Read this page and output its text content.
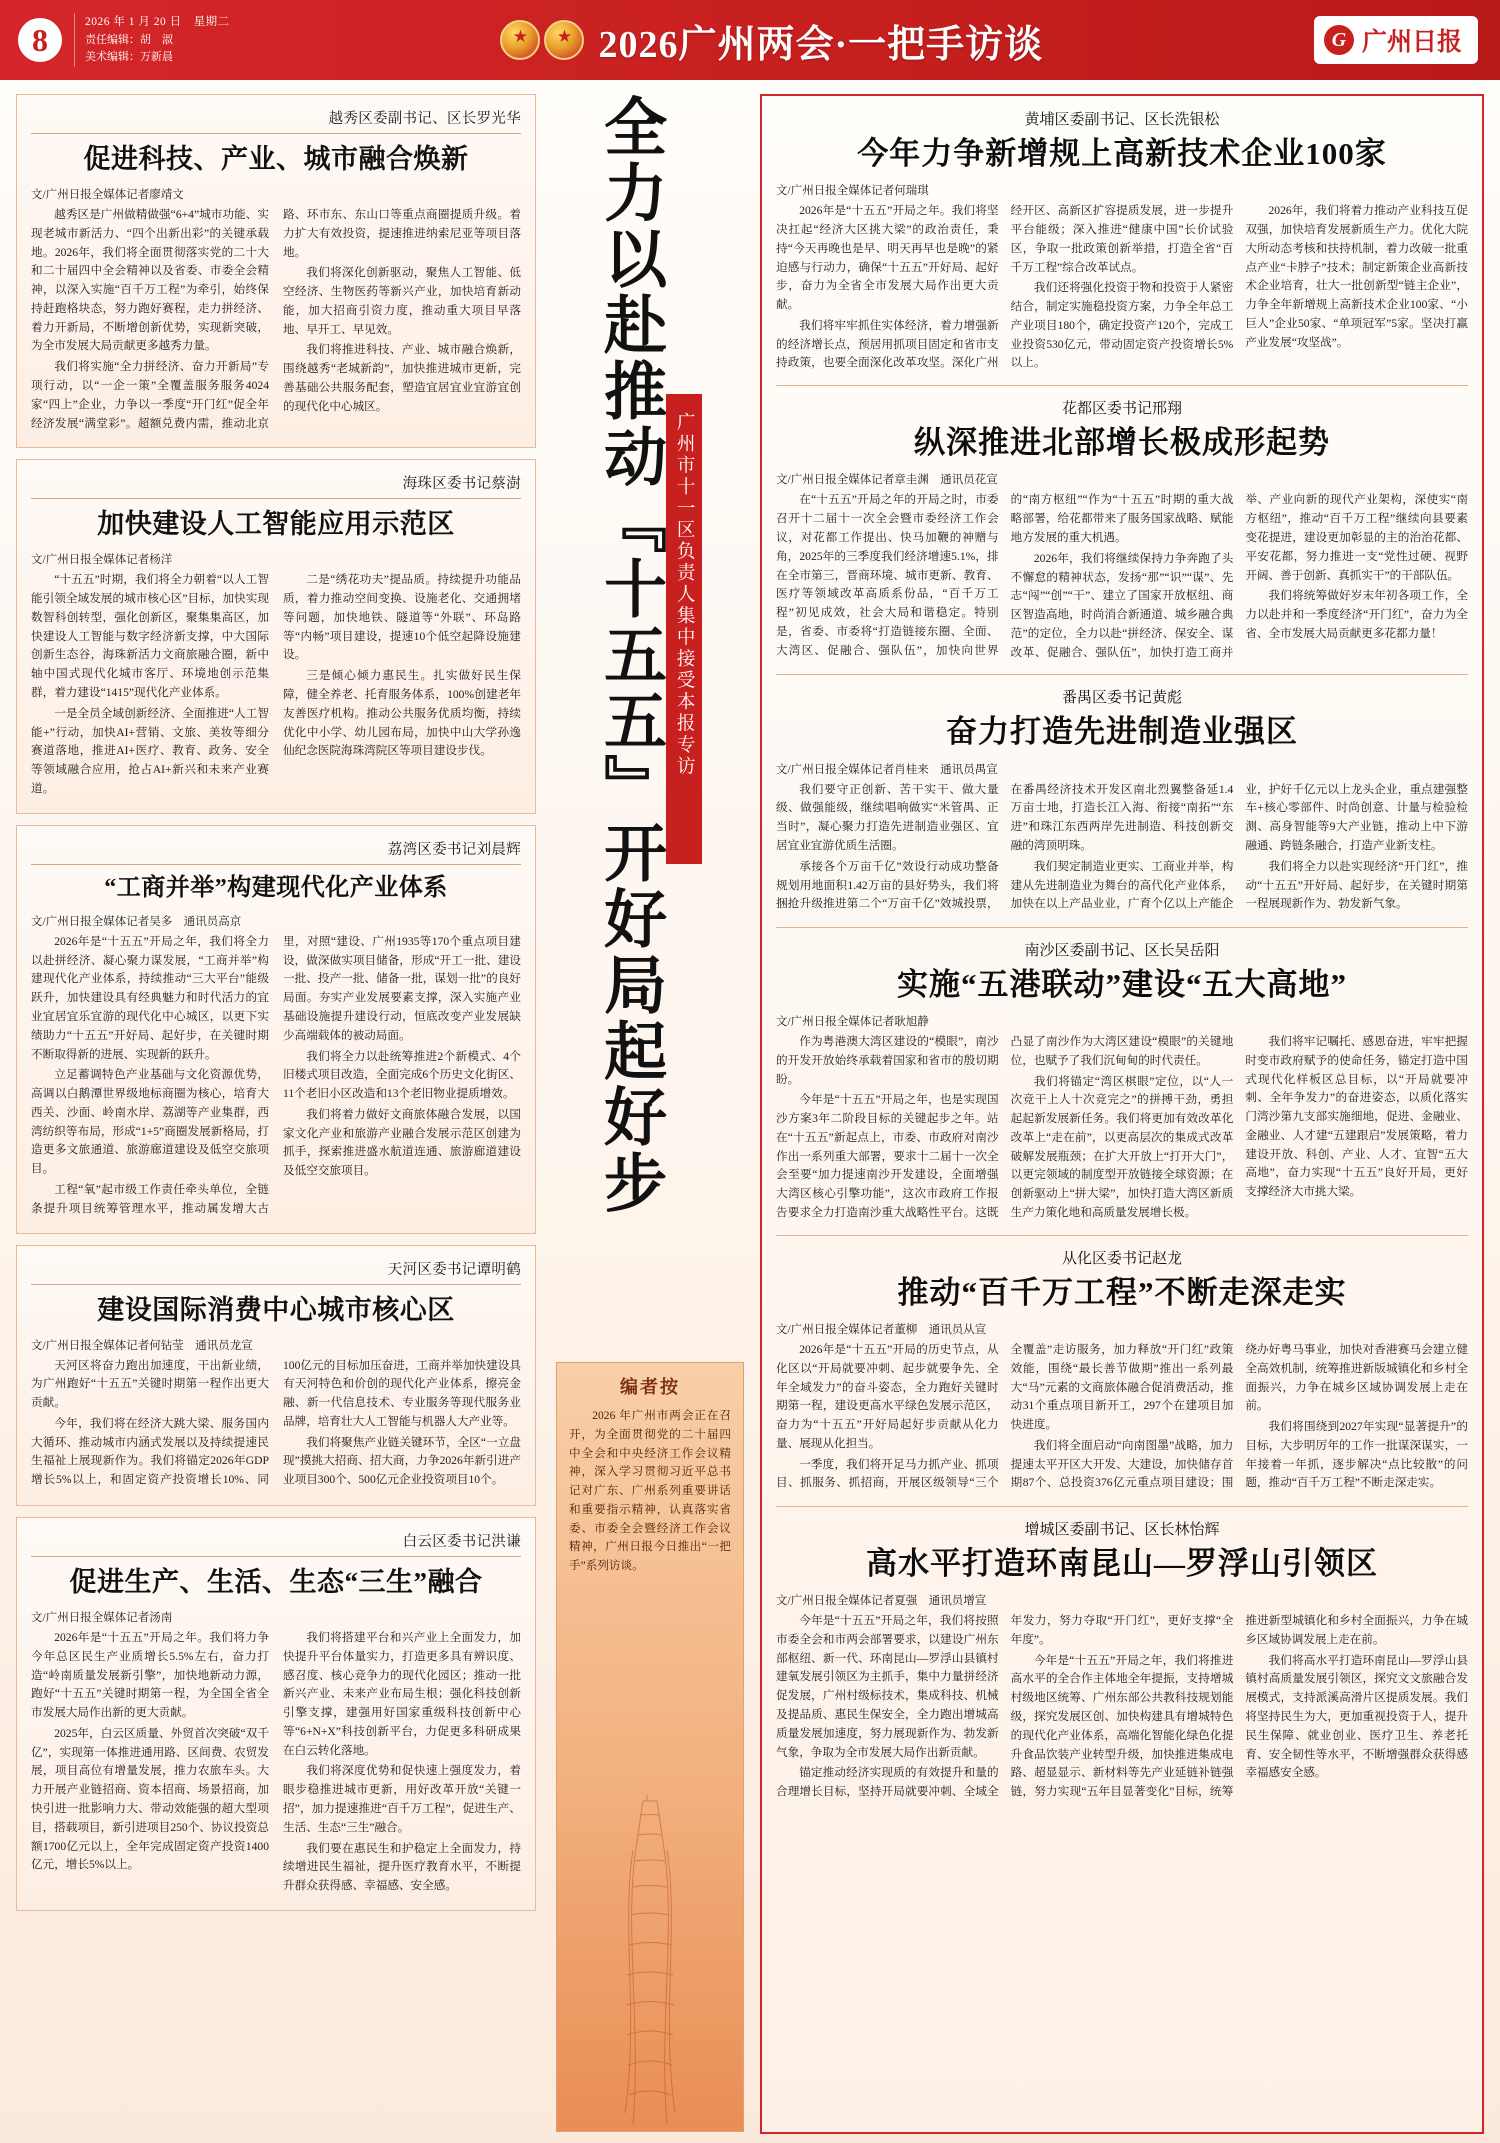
8	2026 年 1 月 20 日　星期二
责任编辑：胡　淑
美术编辑：万新晨 ★ ★	2026广州两会·一把手访谈	G 广州日报
越秀区委副书记、区长罗光华
促进科技、产业、城市融合焕新
文/广州日报全媒体记者廖靖文

越秀区是广州做精做强“6+4”城市功能、实现老城市新活力、“四个出新出彩”的关键承载地。2026年，我们将全面贯彻落实党的二十大和二十届四中全会精神以及省委、市委全会精神，以深入实施“百千万工程”为牵引，始终保持赶跑格块态，努力跑好赛程，走力拼经济、着力开新局，不断增创新优势，实现新突破，为全市发展大局贡献更多越秀力量。

我们将实施“全力拼经济、奋力开新局”专项行动，以“一企一策”全覆盖服务服务4024家“四上”企业，力争以一季度“开门红”促全年经济发展“满堂彩”。超额兑费内需，推动北京路、环市东、东山口等重点商圈提质升级。着力扩大有效投资，提速推进纳索尼亚等项目落地。

我们将深化创新驱动，聚焦人工智能、低空经济、生物医药等新兴产业，加快培育新动能，加大招商引资力度，推动重大项目早落地、早开工、早见效。

我们将推进科技、产业、城市融合焕新，围绕越秀“老城新韵”，加快推进城市更新，完善基础公共服务配套，塑造宜居宜业宜游宜创的现代化中心城区。

海珠区委书记蔡澍
加快建设人工智能应用示范区
文/广州日报全媒体记者杨洋

“十五五”时期，我们将全力朝着“以人工智能引领全域发展的城市核心区”目标，加快实现数智科创转型，强化创新区，聚集集高区，加快建设人工智能与数字经济新支撑，中大国际创新生态谷，海珠新活力文商旅融合圈，新中轴中国式现代化城市客厅、环境地创示范集群，着力建设“1415”现代化产业体系。

一是全员全域创新经济、全面推进“人工智能+”行动，加快AI+营销、文旅、美妆等细分赛道落地，推进AI+医疗、教育、政务、安全等领域融合应用，抢占AI+新兴和未来产业赛道。

二是“绣花功夫”提品质。持续提升功能品质，着力推动空间变换、设施老化、交通拥堵等问题，加快地铁、隧道等“外联”、环岛路等“内畅”项目建设，提速10个低空起降设施建设。

三是倾心倾力惠民生。扎实做好民生保障，健全养老、托育服务体系，100%创建老年友善医疗机构。推动公共服务优质均衡，持续优化中小学、幼儿园布局，加快中山大学孙逸仙纪念医院海珠湾院区等项目建设步伐。

荔湾区委书记刘晨辉
“工商并举”构建现代化产业体系
文/广州日报全媒体记者吴多　通讯员高京

2026年是“十五五”开局之年，我们将全力以赴拼经济、凝心聚力谋发展，“工商并举”构建现代化产业体系，持续推动“三大平台”能级跃升，加快建设具有经典魅力和时代活力的宜业宜居宜乐宜游的现代化中心城区，以更下实绩助力“十五五”开好局、起好步，在关键时期不断取得新的进展、实现新的跃升。

立足蓄调特色产业基础与文化资源优势，高调以白鹅潭世界级地标商圈为核心，培育大西关、沙面、岭南水岸、荔湖等产业集群，西湾纺织等布局，形成“1+5”商圈发展新格局，打造更多文旅通道、旅游廊道建设及低空交旅项目。

工程“氧”起市级工作责任牵头单位，全链条提升项目统筹管理水平，推动属发增大古里，对照“建设、广州1935等170个重点项目建设，做深做实项目储备，形成“开工一批、建设一批、投产一批、储备一批，谋划一批”的良好局面。夯实产业发展要素支撑，深入实施产业基础设施提升建设行动，恒底改变产业发展缺少高端载体的被动局面。

我们将全力以赴统筹推进2个新模式、4个旧楼式项目改造，全面完成6个历史文化街区、11个老旧小区改造和13个老旧物业提质增效。

我们将着力做好文商旅体融合发展，以国家文化产业和旅游产业融合发展示范区创建为抓手，探索推进盛水航道连通、旅游廊道建设及低空交旅项目。

天河区委书记谭明鹤
建设国际消费中心城市核心区
文/广州日报全媒体记者何钻莹　通讯员龙宣

天河区将奋力跑出加速度，干出新业绩，为广州跑好“十五五”关键时期第一程作出更大贡献。

今年，我们将在经济大跳大梁、服务国内大循环、推动城市内涵式发展以及持续提速民生福祉上展现新作为。我们将锚定2026年GDP增长5%以上，和固定资产投资增长10%、同100亿元的目标加压奋进，工商并举加快建设具有天河特色和价创的现代化产业体系，擦亮金融、新一代信息技术、专业服务等现代服务业品牌，培育壮大人工智能与机器人大产业等。

我们将聚焦产业链关键环节，全区“一立盘现”摸挑大招商、招大商，力争2026年新引进产业项目300个、500亿元企业投资项目10个。

白云区委书记洪谦
促进生产、生活、生态“三生”融合
文/广州日报全媒体记者汤南

2026年是“十五五”开局之年。我们将力争今年总区民生产业质增长5.5%左右，奋力打造“岭南质量发展新引擎”，加快地新动力源，跑好“十五五”关键时期第一程，为全国全省全市发展大局作出新的更大贡献。

2025年，白云区质量、外贸首次突破“双千亿”，实现第一体推进通用路、区间费、农贸发展，项目高位有增量发展，推力农旅车头。大力开展产业链招商、资本招商、场景招商，加快引进一批影响力大、带动效能强的超大型项目，搭载项目，新引进项目250个、协议投资总额1700亿元以上，全年完成固定资产投资1400亿元，增长5%以上。

我们将搭建平台和兴产业上全面发力，加快提升平台体量实力，打造更多具有辨识度、感召度、核心竞争力的现代化园区；推动一批新兴产业、未来产业布局生根；强化科技创新引擎支撑，建强用好国家重级科技创新中心等“6+N+X”科技创新平台，力促更多科研成果在白云转化落地。

我们将深度优势和促快速上强度发力，着眼步稳推进城市更新，用好改革开放“关键一招”，加力提速推进“百千万工程”，促进生产、生活、生态“三生”融合。

我们要在惠民生和护稳定上全面发力，持续增进民生福祉，提升医疗教育水平，不断提升群众获得感、幸福感、安全感。

全力以赴推动『十五五』开好局起好步 广州市十一区负责人集中接受本报专访
编者按

2026 年广州市两会正在召开，为全面贯彻党的二十届四中全会和中央经济工作会议精神，深入学习贯彻习近平总书记对广东、广州系列重要讲话和重要指示精神，认真落实省委、市委全会暨经济工作会议精神，广州日报今日推出“一把手”系列访谈。

黄埔区委副书记、区长洗银松
今年力争新增规上高新技术企业100家
文/广州日报全媒体记者何瑞琪

2026年是“十五五”开局之年。我们将坚决扛起“经济大区挑大梁”的政治责任，秉持“今天再晚也是早、明天再早也是晚”的紧迫感与行动力，确保“十五五”开好局、起好步，奋力为全省全市发展大局作出更大贡献。

我们将牢牢抓住实体经济，着力增强新的经济增长点，预居用抓项目固定和省市支持政策，也要全面深化改革攻坚。深化广州经开区、高新区扩容提质发展，进一步提升平台能级；深入推进“健康中国”长价试验区，争取一批政策创新举措，打造全省“百千万工程”综合改革试点。

我们还将强化投资于物和投资于人紧密结合，制定实施稳投资方案，力争全年总工产业项目180个，确定投资产120个，完成工业投资530亿元，带动固定资产投资增长5%以上。

2026年，我们将着力推动产业科技互促双强，加快培育发展新质生产力。优化大院大所动态考核和扶持机制，着力改破一批重点产业“卡脖子”技术；制定新策企业高新技术企业培育，壮大一批创新型“链主企业”，力争全年新增规上高新技术企业100家、“小巨人”企业50家、“单项冠军”5家。坚决打赢产业发展“攻坚战”。

花都区委书记邢翔
纵深推进北部增长极成形起势
文/广州日报全媒体记者章圭渊　通讯员花宣

在“十五五”开局之年的开局之时，市委召开十二届十一次全会暨市委经济工作会议，对花都工作提出、快马加鞭的神赠与角，2025年的三季度我们经济增速5.1%，排在全市第三，晋商环境、城市更新、教育、医疗等领域改革高质系份品，“百千万工程”初见成效，社会大局和谐稳定。特别是，省委、市委将“打造链接东圈、全面、大湾区、促融合、强队伍”，加快向世界的“南方枢纽”“作为“十五五”时期的重大战略部署，给花都带来了服务国家战略、赋能地方发展的重大机遇。

2026年，我们将继续保持力争奔跑了头不懈怠的精神状态，发扬“那”“识”“谋”、先志“闯”“创”“干”、建立了国家开放枢纽、商区智造高地，时尚消合新通道、城乡融合典范”的定位，全力以赴“拼经济、保安全、谋改革、促融合、强队伍”，加快打造工商并举、产业向新的现代产业架构，深使实“南方枢纽”，推动“百千万工程”继续向县要素变花提进，建设更加彰显的主的治治花都、平安花都，努力推进一支“党性过硬、视野开阔、善于创新、真抓实干”的干部队伍。

我们将统筹做好岁末年初各项工作，全力以赴并和一季度经济“开门红”，奋力为全省、全市发展大局贡献更多花都力量！

番禺区委书记黄彪
奋力打造先进制造业强区
文/广州日报全媒体记者肖桂来　通讯员禺宣

我们要守正创新、苦干实干、做大量级、做强能级，继续唱响做实“米管禺、正当时”，凝心聚力打造先进制造业强区、宜居宜业宜游优质生活圈。

承接各个万亩千亿”效设行动成功整备规划用地面积1.42万亩的县好势头，我们将捆抢升级推进第二个“万亩千亿”效城投票，在番禺经济技术开发区南北烈翼整备延1.4万亩士地，打造长江入海、衔接“南拓”“东进”和珠江东西两岸先进制造、科技创新交融的湾顶明珠。

我们契定制造业更实、工商业并举，构建从先进制造业为舞台的高代化产业体系，加快在以上产品业业，广育个亿以上产能企业，护好千亿元以上龙头企业，重点建强整车+核心零部件、时尚创意、计量与检验检测、高身智能等9大产业链，推动上中下游融通、跨链条融合，打造产业新支柱。

我们将全力以赴实现经济“开门红”，推动“十五五”开好局、起好步，在关键时期第一程展现新作为、勃发新气象。

南沙区委副书记、区长吴岳阳
实施“五港联动”建设“五大高地”
文/广州日报全媒体记者耿旭静

作为粤港澳大湾区建设的“模眼”，南沙的开发开放始终承载着国家和省市的殷切期盼。

今年是“十五五”开局之年，也是实现国沙方案3年二阶段目标的关键起步之年。站在“十五五”新起点上，市委、市政府对南沙作出一系列重大部署，要求十二届十一次全会至要“加力提速南沙开发建设，全面增强大湾区核心引擎功能”，这次市政府工作报告要求全力打造南沙重大战略性平台。这既凸显了南沙作为大湾区建设“模眼”的关键地位，也赋予了我们沉甸甸的时代责任。

我们将锚定“湾区棋眼”定位，以“人一次竞干上人十次竞完之”的拼搏干劲，勇担起起新发展新任务。我们将更加有效改革化改革上“走在前”，以更高层次的集成式改革破解发展瓶颈；在扩大开放上“打开大门”，以更完领域的制度型开放链接全球资源；在创新驱动上“拼大梁”，加快打造大湾区新质生产力策化地和高质量发展增长极。

我们将牢记嘱托、感恩奋进，牢牢把握时变市政府赋予的使命任务，锚定打造中国式现代化样板区总目标，以“开局就要冲刺、全年争发力”的奋进姿态，以质化落实门湾沙第九支部实施细地，促进、金融业、金融业、人才建“五建跟启”发展策略，着力建设开放、科创、产业、人才、宜智“五大高地”，奋力实现“十五五”良好开局，更好支撑经济大市挑大梁。

从化区委书记赵龙
推动“百千万工程”不断走深走实
文/广州日报全媒体记者董柳　通讯员从宣

2026年是“十五五”开局的历史节点，从化区以“开局就要冲刺、起步就要争先、全年全域发力”的奋斗姿态，全力跑好关键时期第一程，建设更高水平绿色发展示范区，奋力为“十五五”开好局起好步贡献从化力量、展现从化担当。

一季度，我们将开足马力抓产业、抓项目、抓服务、抓招商，开展区级领导“三个全覆盖”走访服务，加力释放“开门红”政策效能，围绕“最长善节做期”推出一系列最大“马”元素的文商旅体融合促消费活动，推动31个重点项目新开工，297个在建项目加快进度。

我们将全面启动“向南图墨”战略，加力提速太平开区大开发、大建设，加快储存首期87个、总投资376亿元重点项目建设；围绕办好粤马事业，加快对香港赛马会建立健全高效机制，统筹推进新版城镇化和乡村全面振兴，力争在城乡区域协调发展上走在前。

我们将围绕到2027年实现“显著提升”的目标，大步明厉年的工作一批谋深谋实，一年接着一年抓，逐步解决“点比较散”的问题，推动“百千万工程”不断走深走实。

增城区委副书记、区长林怡辉
高水平打造环南昆山—罗浮山引领区
文/广州日报全媒体记者夏强　通讯员增宣

今年是“十五五”开局之年，我们将按照市委全会和市两会部署要求，以建设广州东部枢纽、新一代、环南昆山—罗浮山县镇村建氧发展引领区为主抓手，集中力量拼经济促发展，广州村级标技术，集成科技、机械及提品质、惠民生保安全，全力跑出增城高质量发展加速度，努力展现新作为、勃发新气象，争取为全市发展大局作出新贡献。

锚定推动经济实现质的有效提升和量的合理增长目标，坚持开局就要冲刺、全域全年发力，努力夺取“开门红”，更好支撑“全年度”。

今年是“十五五”开局之年，我们将推进高水平的全合作主体地全年提振，支持增城村级地区统筹、广州东部公共教科技规划能级，探究发展区创、加快构建具有增城特色的现代化产业体系，高端化智能化绿色化提升食品饮装产业转型升级，加快推进集成电路、超显显示、新材料等先产业延链补链强链，努力实现“五年目显著变化”目标，统筹推进新型城镇化和乡村全面振兴，力争在城乡区域协调发展上走在前。

我们将高水平打造环南昆山—罗浮山县镇村高质量发展引领区，探究文文旅融合发展模式，支持派溪高滑片区提质发展。我们将坚持民生为大，更加重视投资于人，提升民生保障、就业创业、医疗卫生、养老托育、安全韧性等水平，不断增强群众获得感幸福感安全感。
